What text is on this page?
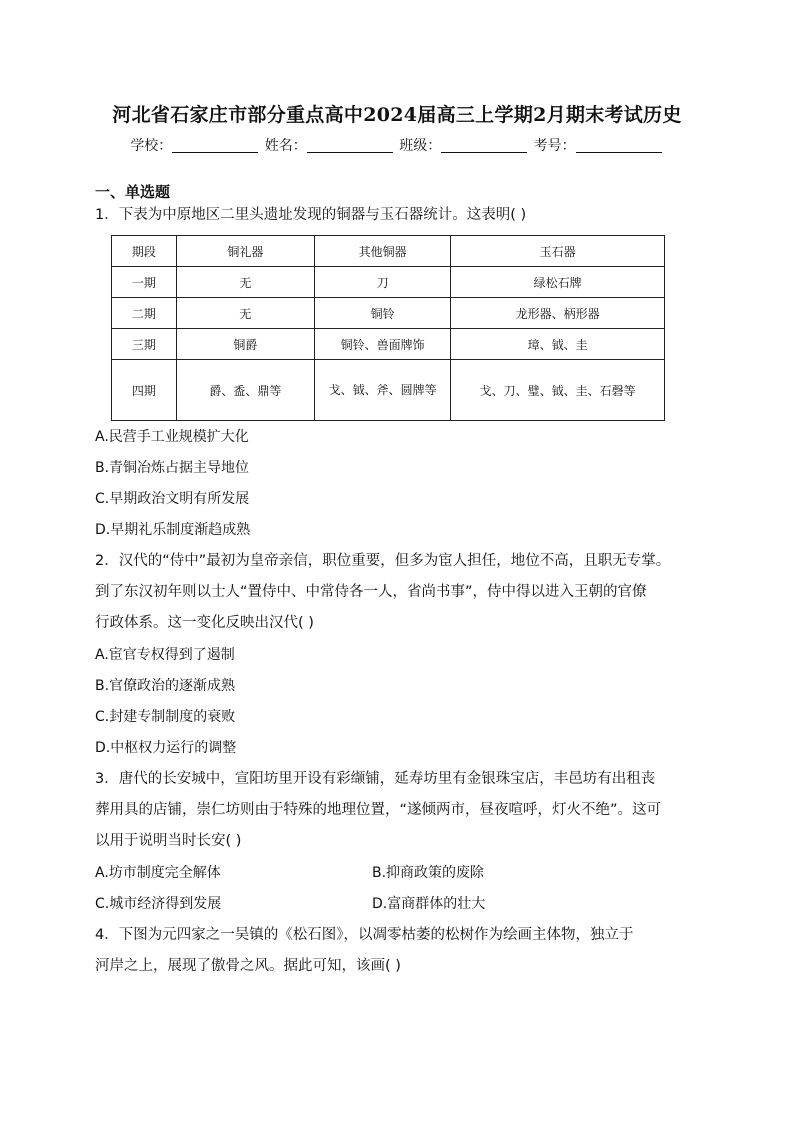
河北省石家庄市部分重点高中2024届高三上学期2月期末考试历史
学校：	姓名：	班级：	考号：
一、单选题
1．下表为中原地区二里头遗址发现的铜器与玉石器统计。这表明( )
期段	铜礼器	其他铜器	玉石器
一期	无	刀	绿松石牌
二期	无	铜铃	龙形器、柄形器
三期	铜爵	铜铃、兽面牌饰	璋、钺、圭
四期	爵、盉、鼎等	戈、钺、斧、圆牌等	戈、刀、璧、钺、圭、石磬等
A.民营手工业规模扩大化
B.青铜冶炼占据主导地位
C.早期政治文明有所发展
D.早期礼乐制度渐趋成熟
2．汉代的“侍中”最初为皇帝亲信，职位重要，但多为宦人担任，地位不高，且职无专掌。
到了东汉初年则以士人“置侍中、中常侍各一人，省尚书事”，侍中得以进入王朝的官僚
行政体系。这一变化反映出汉代( )
A.宦官专权得到了遏制
B.官僚政治的逐渐成熟
C.封建专制制度的衰败
D.中枢权力运行的调整
3．唐代的长安城中，宣阳坊里开设有彩缬铺，延寿坊里有金银珠宝店，丰邑坊有出租丧
葬用具的店铺，崇仁坊则由于特殊的地理位置，“遂倾两市，昼夜喧呼，灯火不绝”。这可
以用于说明当时长安( )
A.坊市制度完全解体	B.抑商政策的废除
C.城市经济得到发展	D.富商群体的壮大
4．下图为元四家之一吴镇的《松石图》，以凋零枯萎的松树作为绘画主体物，独立于
河岸之上，展现了傲骨之风。据此可知，该画( )
